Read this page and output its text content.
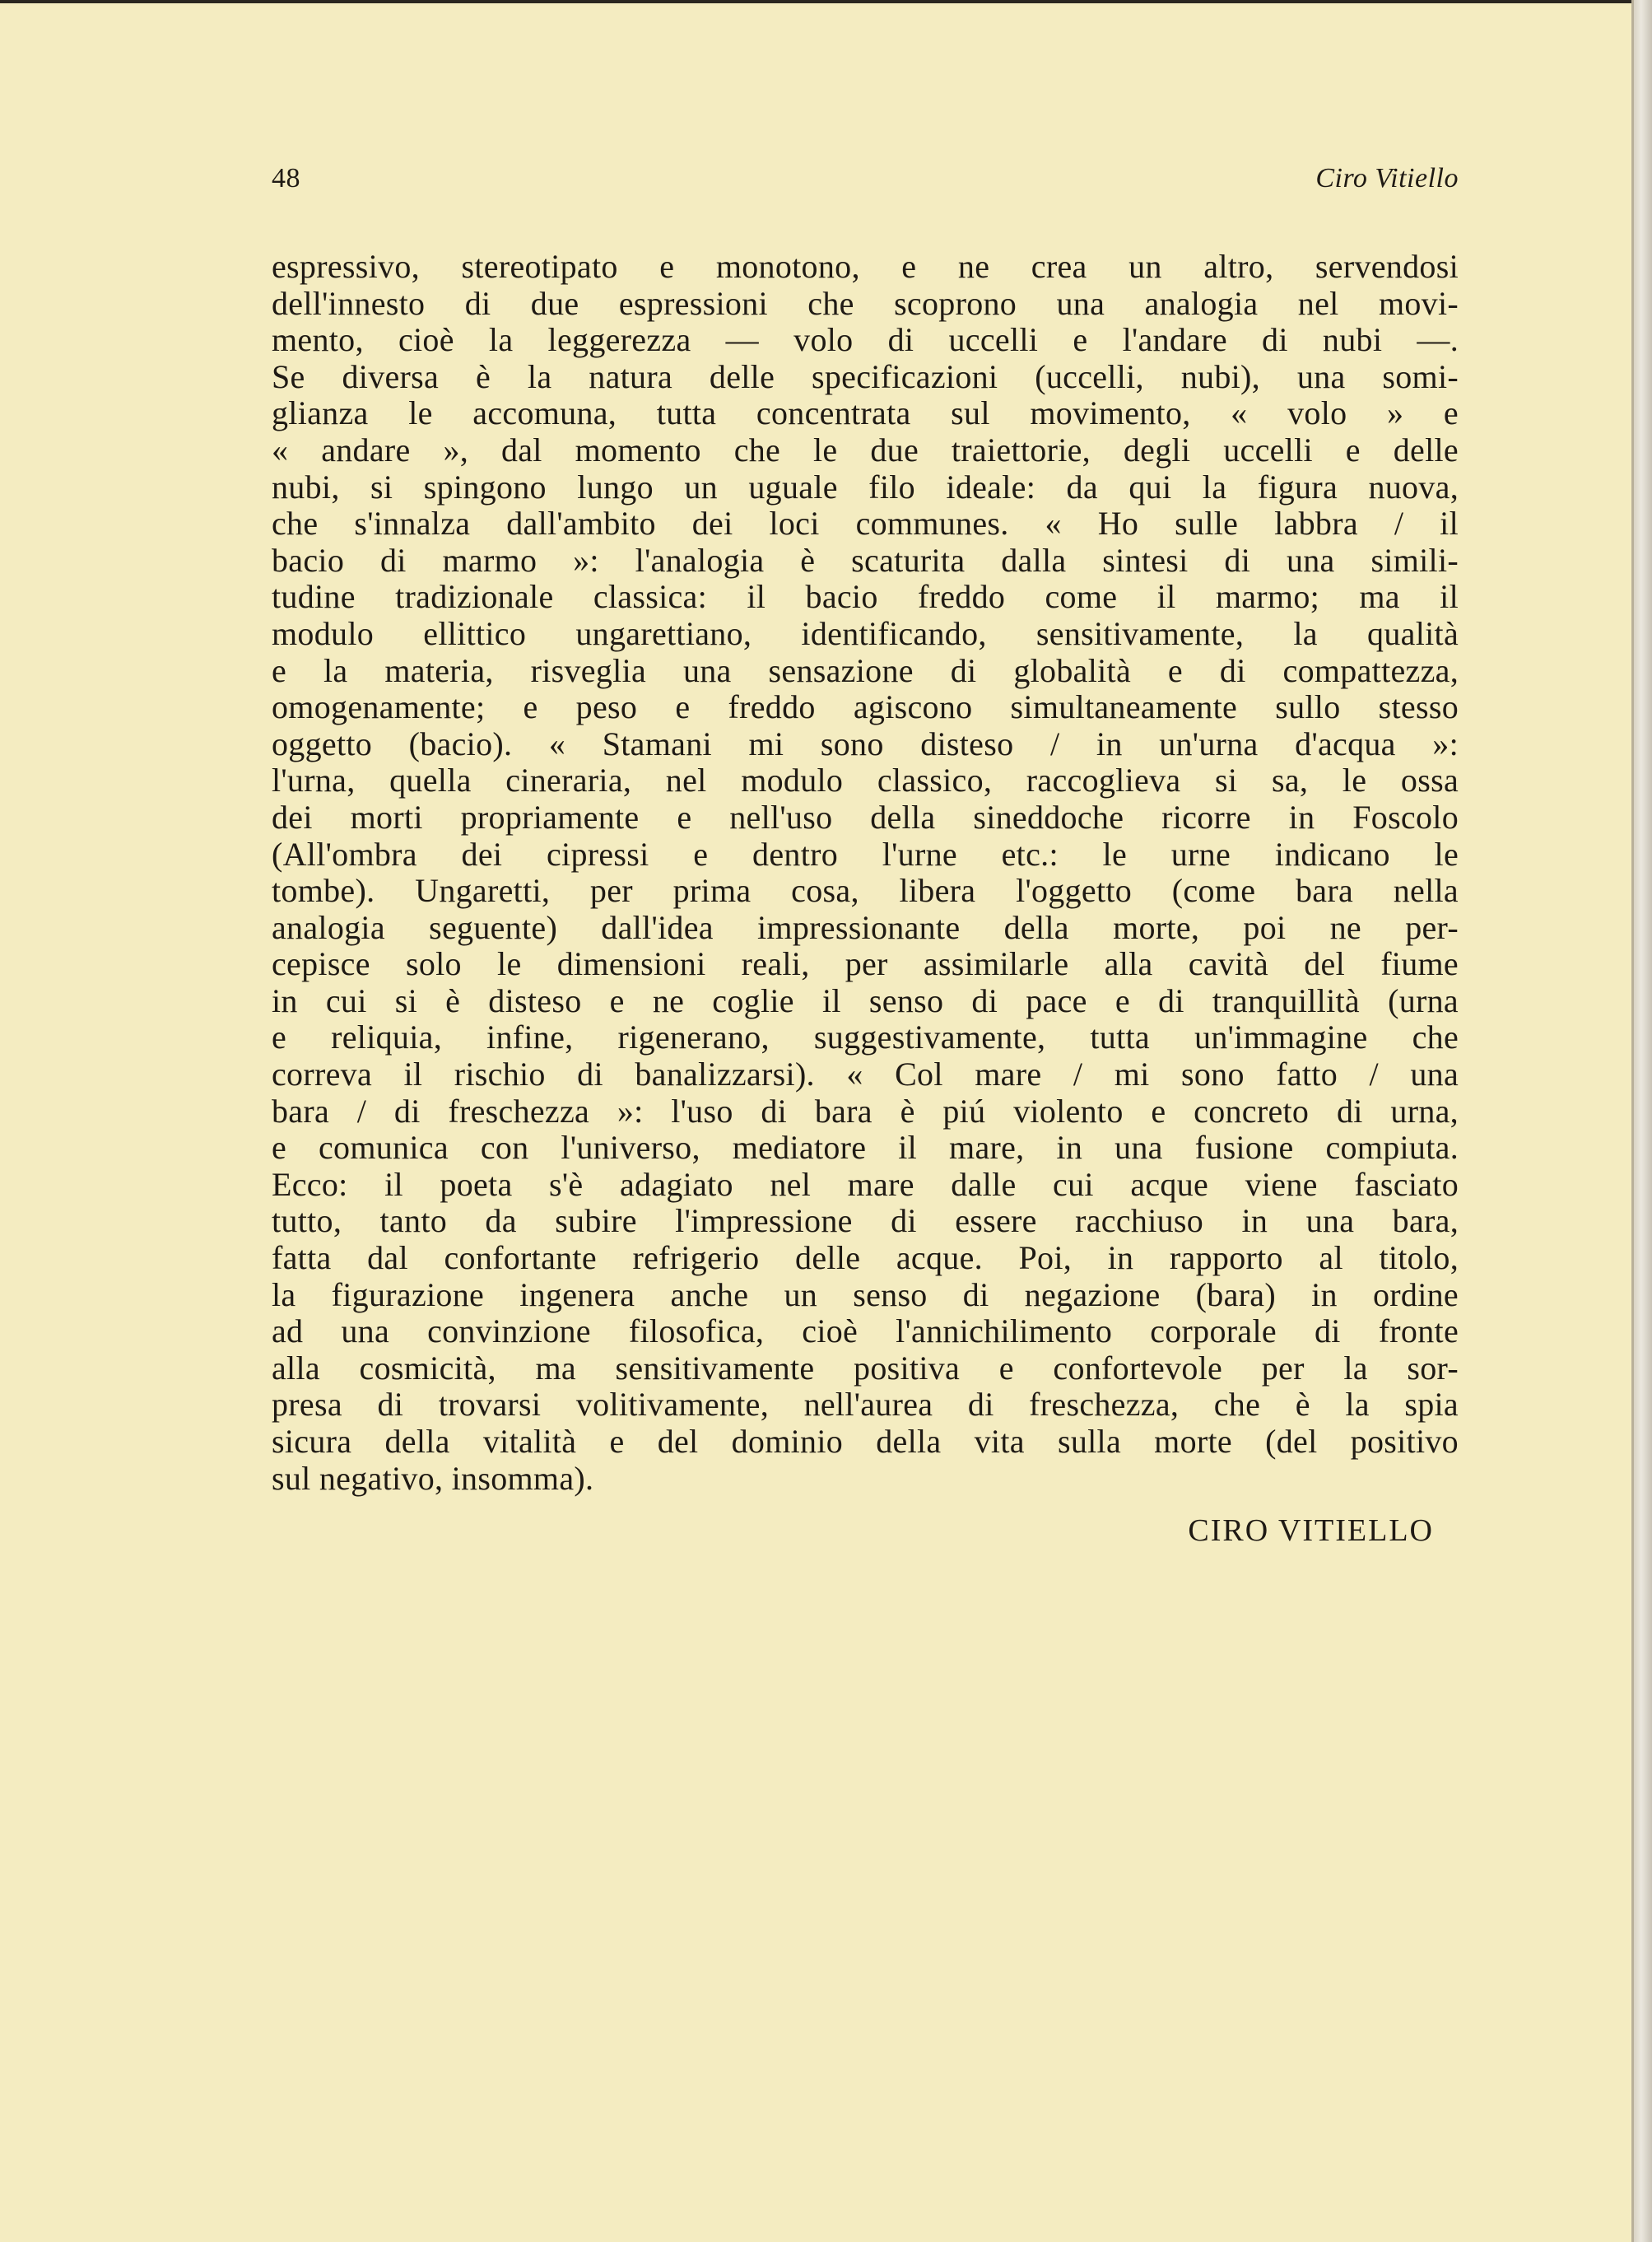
48	Ciro Vitiello
espressivo, stereotipato e monotono, e ne crea un altro, servendosi
dell'innesto di due espressioni che scoprono una analogia nel movi-
mento, cioè la leggerezza — volo di uccelli e l'andare di nubi —.
Se diversa è la natura delle specificazioni (uccelli, nubi), una somi-
glianza le accomuna, tutta concentrata sul movimento, « volo » e
« andare », dal momento che le due traiettorie, degli uccelli e delle
nubi, si spingono lungo un uguale filo ideale: da qui la figura nuova,
che s'innalza dall'ambito dei loci communes. « Ho sulle labbra / il
bacio di marmo »: l'analogia è scaturita dalla sintesi di una simili-
tudine tradizionale classica: il bacio freddo come il marmo; ma il
modulo ellittico ungarettiano, identificando, sensitivamente, la qualità
e la materia, risveglia una sensazione di globalità e di compattezza,
omogenamente; e peso e freddo agiscono simultaneamente sullo stesso
oggetto (bacio). « Stamani mi sono disteso / in un'urna d'acqua »:
l'urna, quella cineraria, nel modulo classico, raccoglieva si sa, le ossa
dei morti propriamente e nell'uso della sineddoche ricorre in Foscolo
(All'ombra dei cipressi e dentro l'urne etc.: le urne indicano le
tombe). Ungaretti, per prima cosa, libera l'oggetto (come bara nella
analogia seguente) dall'idea impressionante della morte, poi ne per-
cepisce solo le dimensioni reali, per assimilarle alla cavità del fiume
in cui si è disteso e ne coglie il senso di pace e di tranquillità (urna
e reliquia, infine, rigenerano, suggestivamente, tutta un'immagine che
correva il rischio di banalizzarsi). « Col mare / mi sono fatto / una
bara / di freschezza »: l'uso di bara è piú violento e concreto di urna,
e comunica con l'universo, mediatore il mare, in una fusione compiuta.
Ecco: il poeta s'è adagiato nel mare dalle cui acque viene fasciato
tutto, tanto da subire l'impressione di essere racchiuso in una bara,
fatta dal confortante refrigerio delle acque. Poi, in rapporto al titolo,
la figurazione ingenera anche un senso di negazione (bara) in ordine
ad una convinzione filosofica, cioè l'annichilimento corporale di fronte
alla cosmicità, ma sensitivamente positiva e confortevole per la sor-
presa di trovarsi volitivamente, nell'aurea di freschezza, che è la spia
sicura della vitalità e del dominio della vita sulla morte (del positivo
sul negativo, insomma).
CIRO VITIELLO
